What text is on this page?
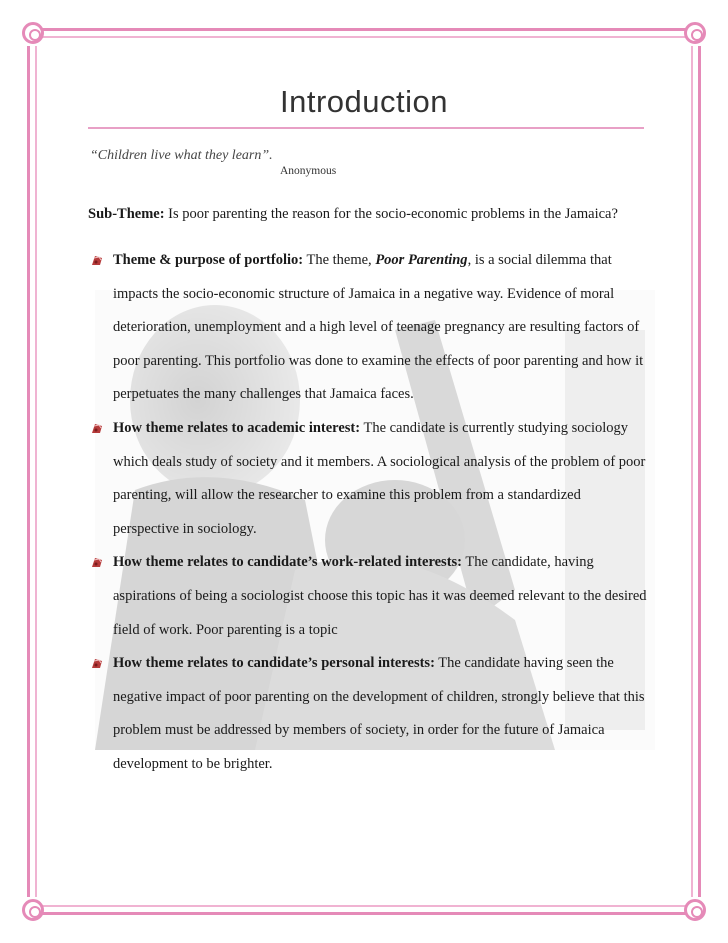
Introduction
“Children live what they learn”.
Anonymous
Sub-Theme: Is poor parenting the reason for the socio-economic problems in the Jamaica?
Theme & purpose of portfolio: The theme, Poor Parenting, is a social dilemma that impacts the socio-economic structure of Jamaica in a negative way. Evidence of moral deterioration, unemployment and a high level of teenage pregnancy are resulting factors of poor parenting. This portfolio was done to examine the effects of poor parenting and how it perpetuates the many challenges that Jamaica faces.
How theme relates to academic interest: The candidate is currently studying sociology which deals study of society and it members. A sociological analysis of the problem of poor parenting, will allow the researcher to examine this problem from a standardized perspective in sociology.
How theme relates to candidate’s work-related interests: The candidate, having aspirations of being a sociologist choose this topic has it was deemed relevant to the desired field of work. Poor parenting is a topic
How theme relates to candidate’s personal interests: The candidate having seen the negative impact of poor parenting on the development of children, strongly believe that this problem must be addressed by members of society, in order for the future of Jamaica development to be brighter.
